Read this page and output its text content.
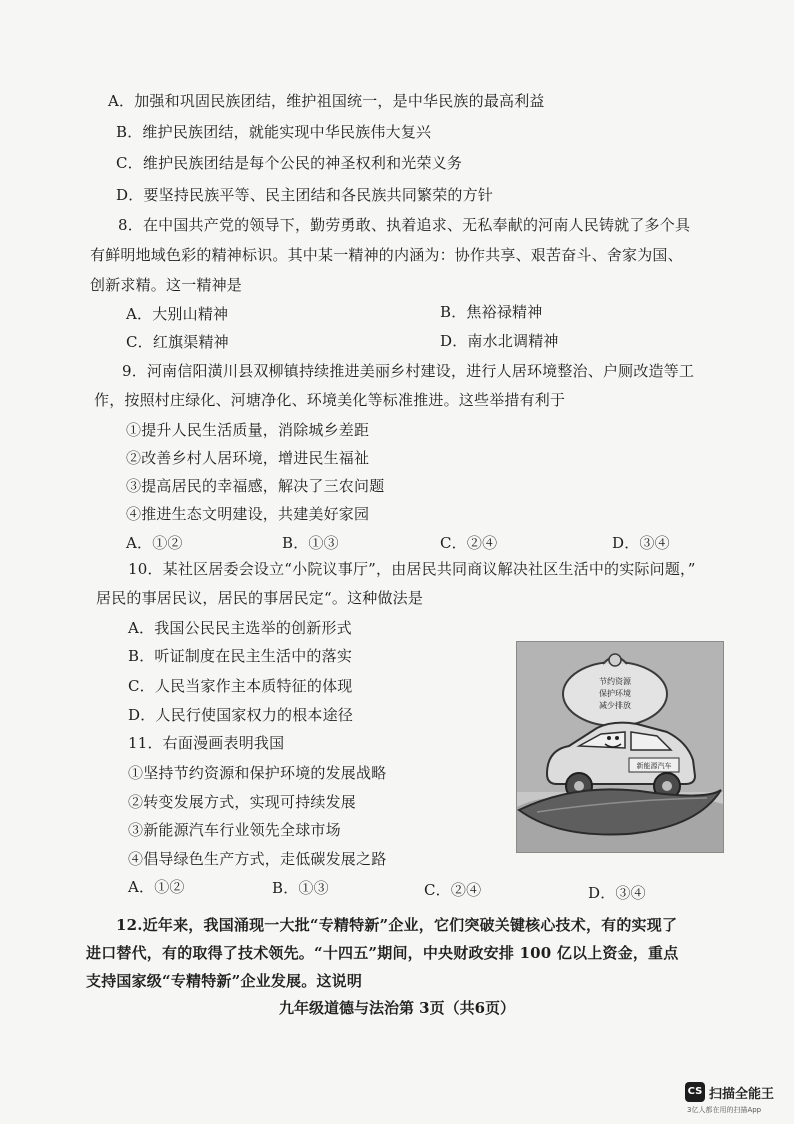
A．加强和巩固民族团结，维护祖国统一，是中华民族的最高利益
B．维护民族团结，就能实现中华民族伟大复兴
C．维护民族团结是每个公民的神圣权利和光荣义务
D．要坚持民族平等、民主团结和各民族共同繁荣的方针
8．在中国共产党的领导下，勤劳勇敢、执着追求、无私奉献的河南人民铸就了多个具
有鲜明地域色彩的精神标识。其中某一精神的内涵为：协作共享、艰苦奋斗、舍家为国、
创新求精。这一精神是
A．大别山精神	B．焦裕禄精神
C．红旗渠精神	D．南水北调精神
9．河南信阳潢川县双柳镇持续推进美丽乡村建设，进行人居环境整治、户厕改造等工
作，按照村庄绿化、河塘净化、环境美化等标准推进。这些举措有利于
①提升人民生活质量，消除城乡差距
②改善乡村人居环境，增进民生福祉
③提高居民的幸福感，解决了三农问题
④推进生态文明建设，共建美好家园
A．①②	B．①③	C．②④	D．③④
10．某社区居委会设立“小院议事厅”，由居民共同商议解决社区生活中的实际问题，”
居民的事居民议，居民的事居民定“。这种做法是
A．我国公民民主选举的创新形式
B．听证制度在民主生活中的落实
C．人民当家作主本质特征的体现
D．人民行使国家权力的根本途径
11．右面漫画表明我国
①坚持节约资源和保护环境的发展战略
②转变发展方式，实现可持续发展
③新能源汽车行业领先全球市场
④倡导绿色生产方式，走低碳发展之路
A．①②	B．①③	C．②④	D．③④
节约资源
保护环境
减少排放
新能源汽车
12.近年来，我国涌现一大批“专精特新”企业，它们突破关键核心技术，有的实现了
进口替代，有的取得了技术领先。“十四五”期间，中央财政安排 100 亿以上资金，重点
支持国家级“专精特新”企业发展。这说明
九年级道德与法治第 3页（共6页）
CS 扫描全能王
3亿人都在用的扫描App
